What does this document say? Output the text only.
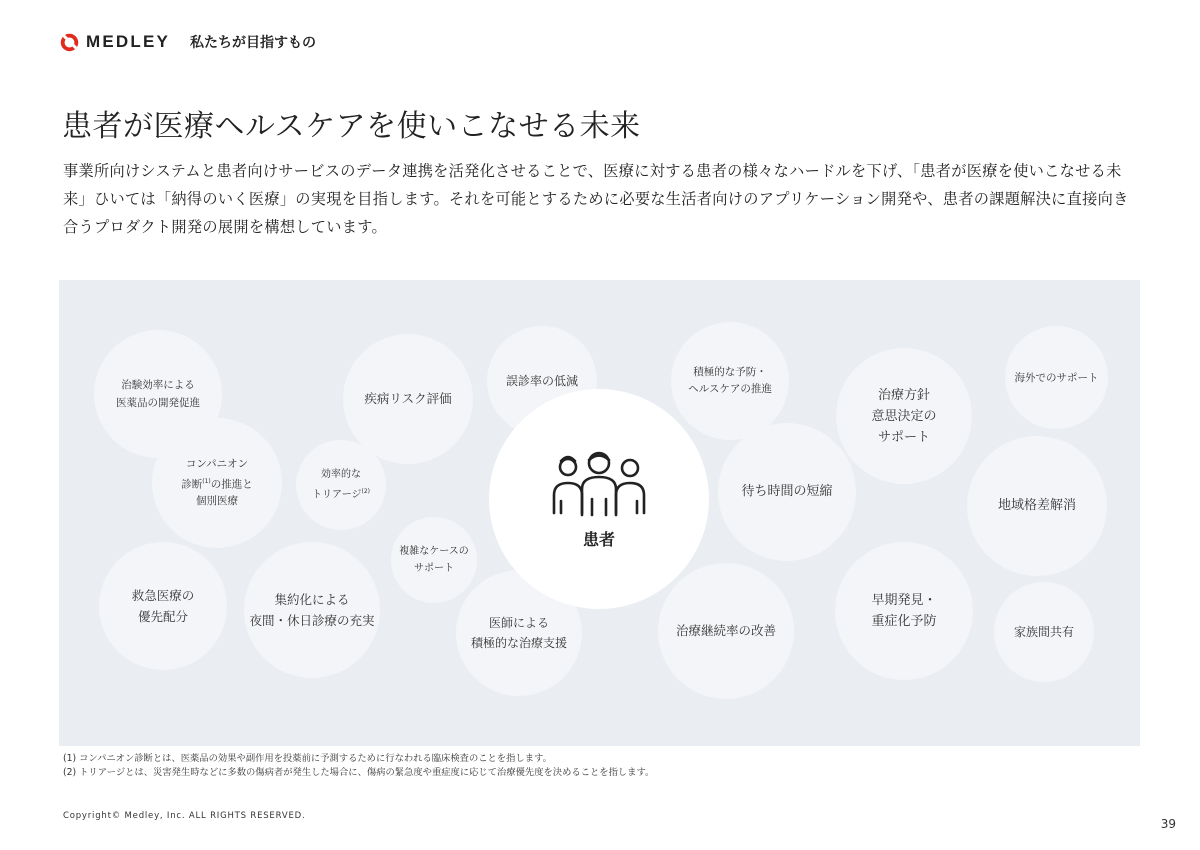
MEDLEY 私たちが目指すもの
患者が医療ヘルスケアを使いこなせる未来
事業所向けシステムと患者向けサービスのデータ連携を活発化させることで、医療に対する患者の様々なハードルを下げ、「患者が医療を使いこなせる未来」ひいては「納得のいく医療」の実現を目指します。それを可能とするために必要な生活者向けのアプリケーション開発や、患者の課題解決に直接向き合うプロダクト開発の展開を構想しています。
治験効率による
医薬品の開発促進	疾病リスク評価
誤診率の低減
積極的な予防・
ヘルスケアの推進	治療方針
意思決定の
サポート
海外でのサポート
コンパニオン
診断$^{(1)}$の推進と
個別医療
効率的な
トリアージ$^{(2)}$	待ち時間の短縮
地域格差解消
複雑なケースの
サポート
救急医療の
優先配分
集約化による
夜間・休日診療の充実	医師による
積極的な治療支援
治療継続率の改善
早期発見・
重症化予防
家族間共有
患者

(1) コンパニオン診断とは、医薬品の効果や副作用を投薬前に予測するために行なわれる臨床検査のことを指します。

(2) トリアージとは、災害発生時などに多数の傷病者が発生した場合に、傷病の緊急度や重症度に応じて治療優先度を決めることを指します。

Copyright© Medley, Inc. ALL RIGHTS RESERVED.
39
